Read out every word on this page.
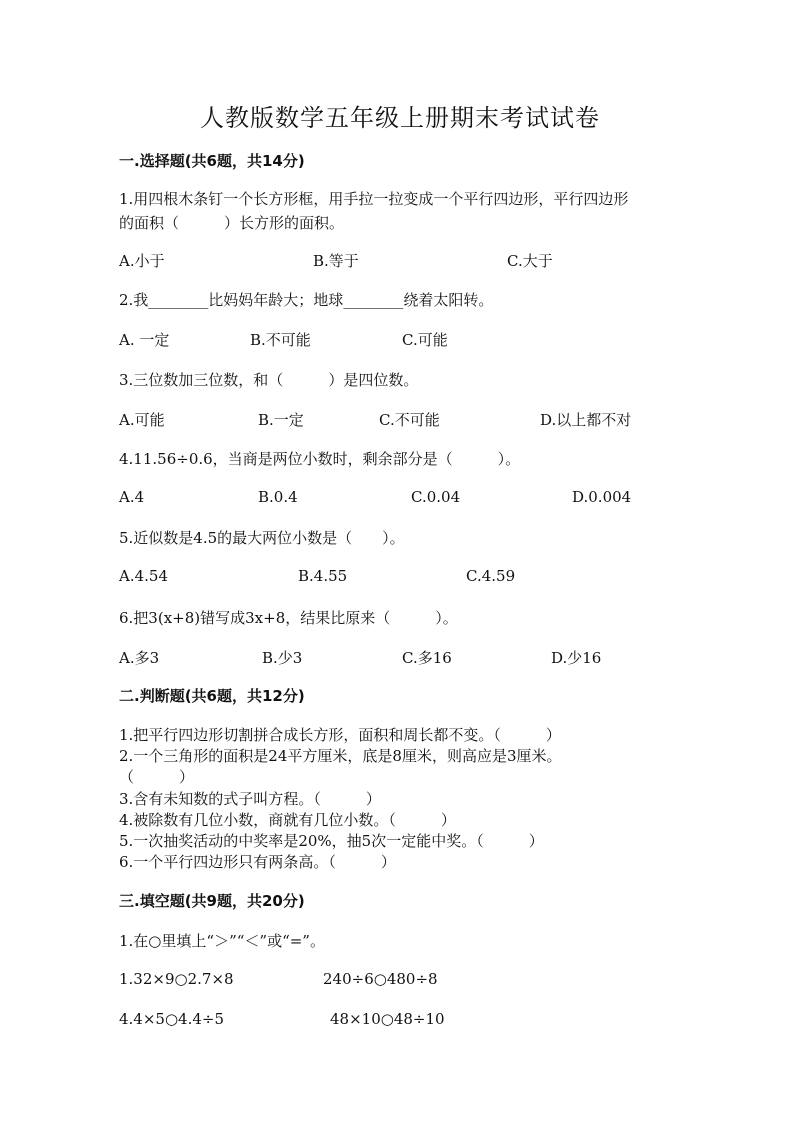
人教版数学五年级上册期末考试试卷
一.选择题(共6题，共14分)
1.用四根木条钉一个长方形框，用手拉一拉变成一个平行四边形，平行四边形
的面积（　　　）长方形的面积。
A.小于	B.等于	C.大于
2.我________比妈妈年龄大；地球________绕着太阳转。
A. 一定	B.不可能	C.可能
3.三位数加三位数，和（　　　）是四位数。
A.可能	B.一定	C.不可能	D.以上都不对
4.11.56÷0.6，当商是两位小数时，剩余部分是（　　　）。
A.4	B.0.4	C.0.04	D.0.004
5.近似数是4.5的最大两位小数是（　　）。
A.4.54	B.4.55	C.4.59
6.把3(x+8)错写成3x+8，结果比原来（　　　）。
A.多3	B.少3	C.多16	D.少16
二.判断题(共6题，共12分)
1.把平行四边形切割拼合成长方形，面积和周长都不变。（　　　）
2.一个三角形的面积是24平方厘米，底是8厘米，则高应是3厘米。
（　　　）
3.含有未知数的式子叫方程。（　　　）
4.被除数有几位小数，商就有几位小数。（　　　）
5.一次抽奖活动的中奖率是20%，抽5次一定能中奖。（　　　）
6.一个平行四边形只有两条高。（　　　）
三.填空题(共9题，共20分)
1.在○里填上“＞”“＜”或“=”。
1.32×9○2.7×8	240÷6○480÷8
4.4×5○4.4÷5	48×10○48÷10
